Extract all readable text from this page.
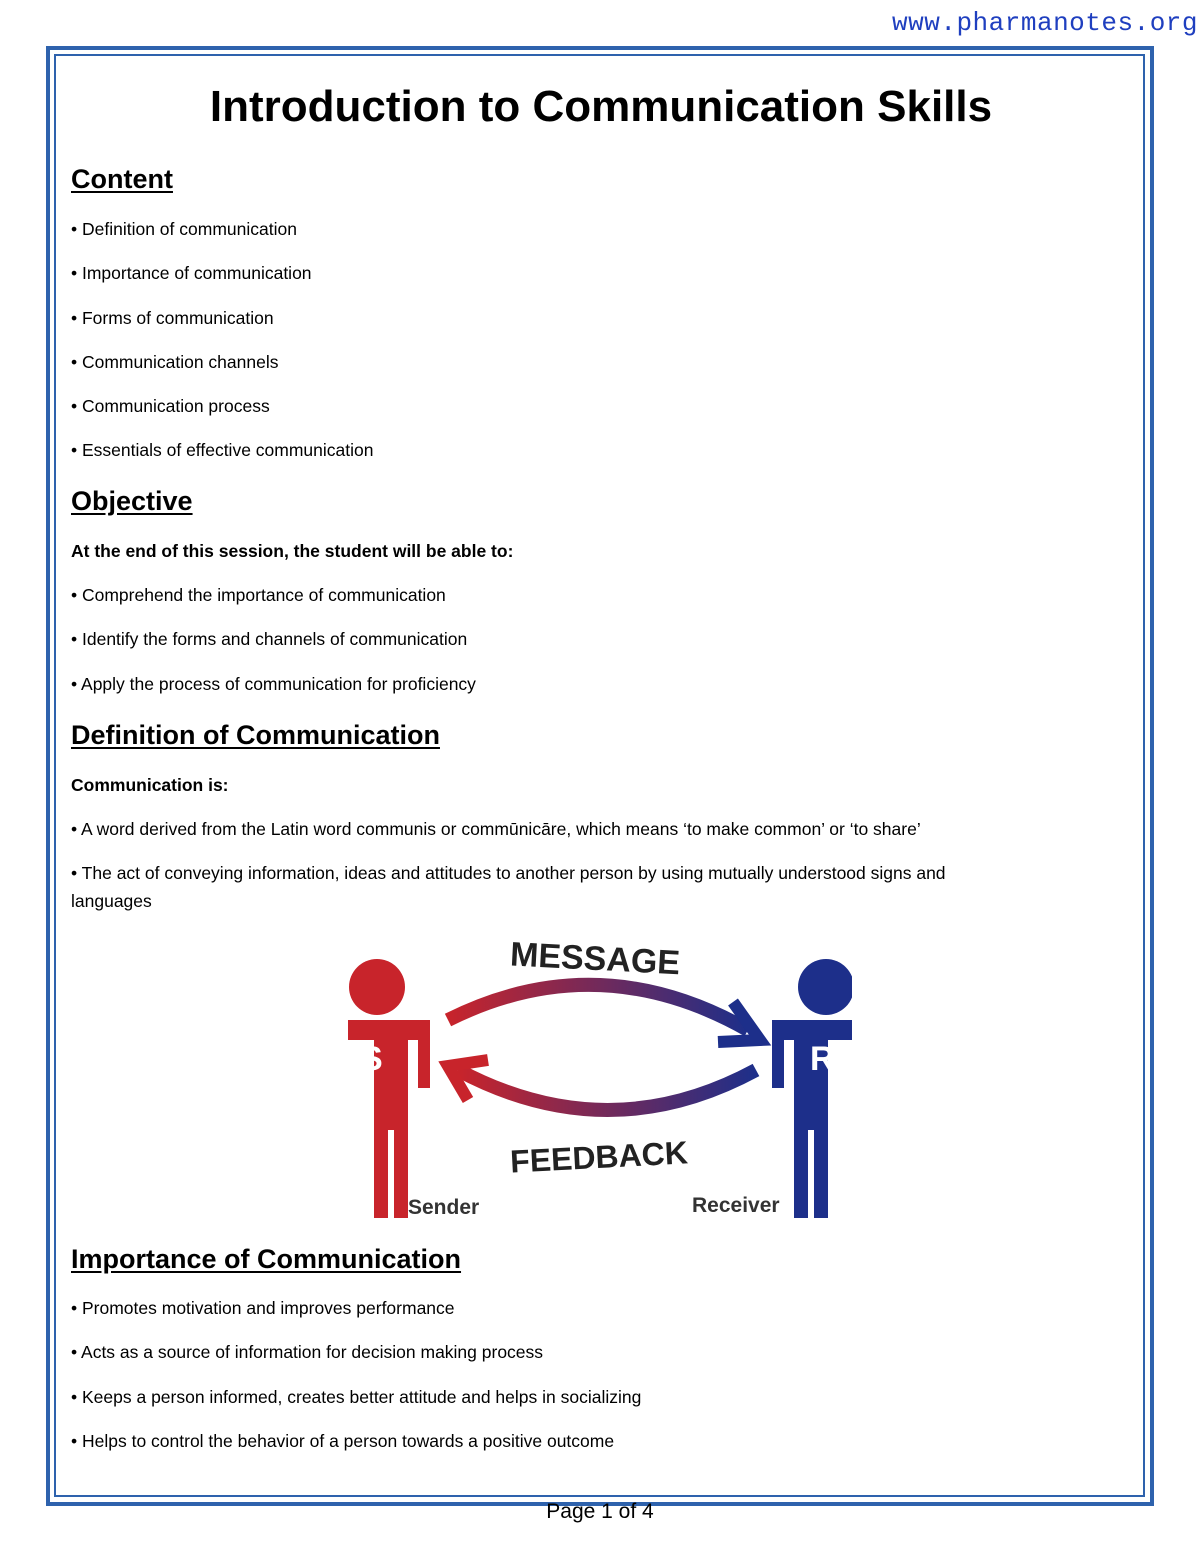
www.pharmanotes.org
Introduction to Communication Skills
Content
• Definition of communication
• Importance of communication
• Forms of communication
• Communication channels
• Communication process
• Essentials of effective communication
Objective
At the end of this session, the student will be able to:
• Comprehend the importance of communication
• Identify the forms and channels of communication
• Apply the process of communication for proficiency
Definition of Communication
Communication is:
• A word derived from the Latin word communis or commūnicāre, which means ‘to make common’ or ‘to share’
• The act of conveying information, ideas and attitudes to another person by using mutually understood signs and
languages
Importance of Communication
• Promotes motivation and improves performance
• Acts as a source of information for decision making process
• Keeps a person informed, creates better attitude and helps in socializing
• Helps to control the behavior of a person towards a positive outcome
S	R
MESSAGE
FEEDBACK
Sender	Receiver
Page 1 of 4
